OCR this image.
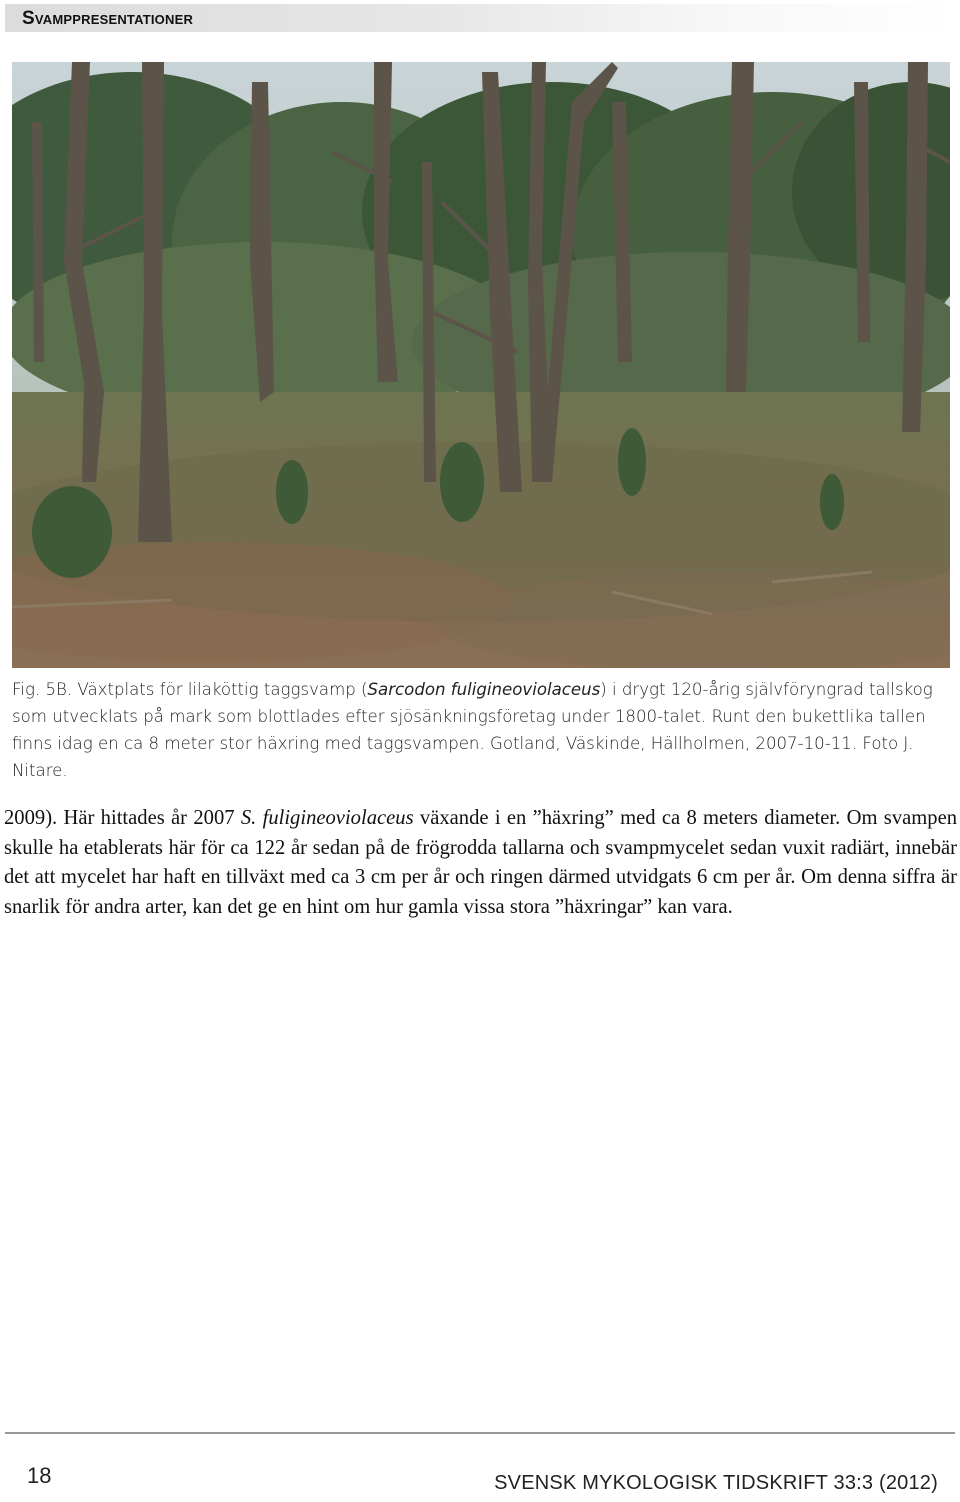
Svamppresentationer
Fig. 5B. Växtplats för lilaköttig taggsvamp (Sarcodon fuligineoviolaceus) i drygt 120-årig självföryngrad tallskog som utvecklats på mark som blottlades efter sjösänkningsföretag under 1800-talet. Runt den bukettlika tallen finns idag en ca 8 meter stor häxring med taggsvampen. Gotland, Väskinde, Hällholmen, 2007-10-11. Foto J. Nitare.
2009). Här hittades år 2007 S. fuligineoviolaceus växande i en ”häxring” med ca 8 meters diameter. Om svampen skulle ha etablerats här för ca 122 år sedan på de frögrodda tallarna och svampmycelet sedan vuxit radiärt, innebär det att mycelet har haft en tillväxt med ca 3 cm per år och ringen därmed utvidgats 6 cm per år. Om denna siffra är snarlik för andra arter, kan det ge en hint om hur gamla vissa stora ”häxringar” kan vara.
18	SVENSK MYKOLOGISK TIDSKRIFT 33:3 (2012)
